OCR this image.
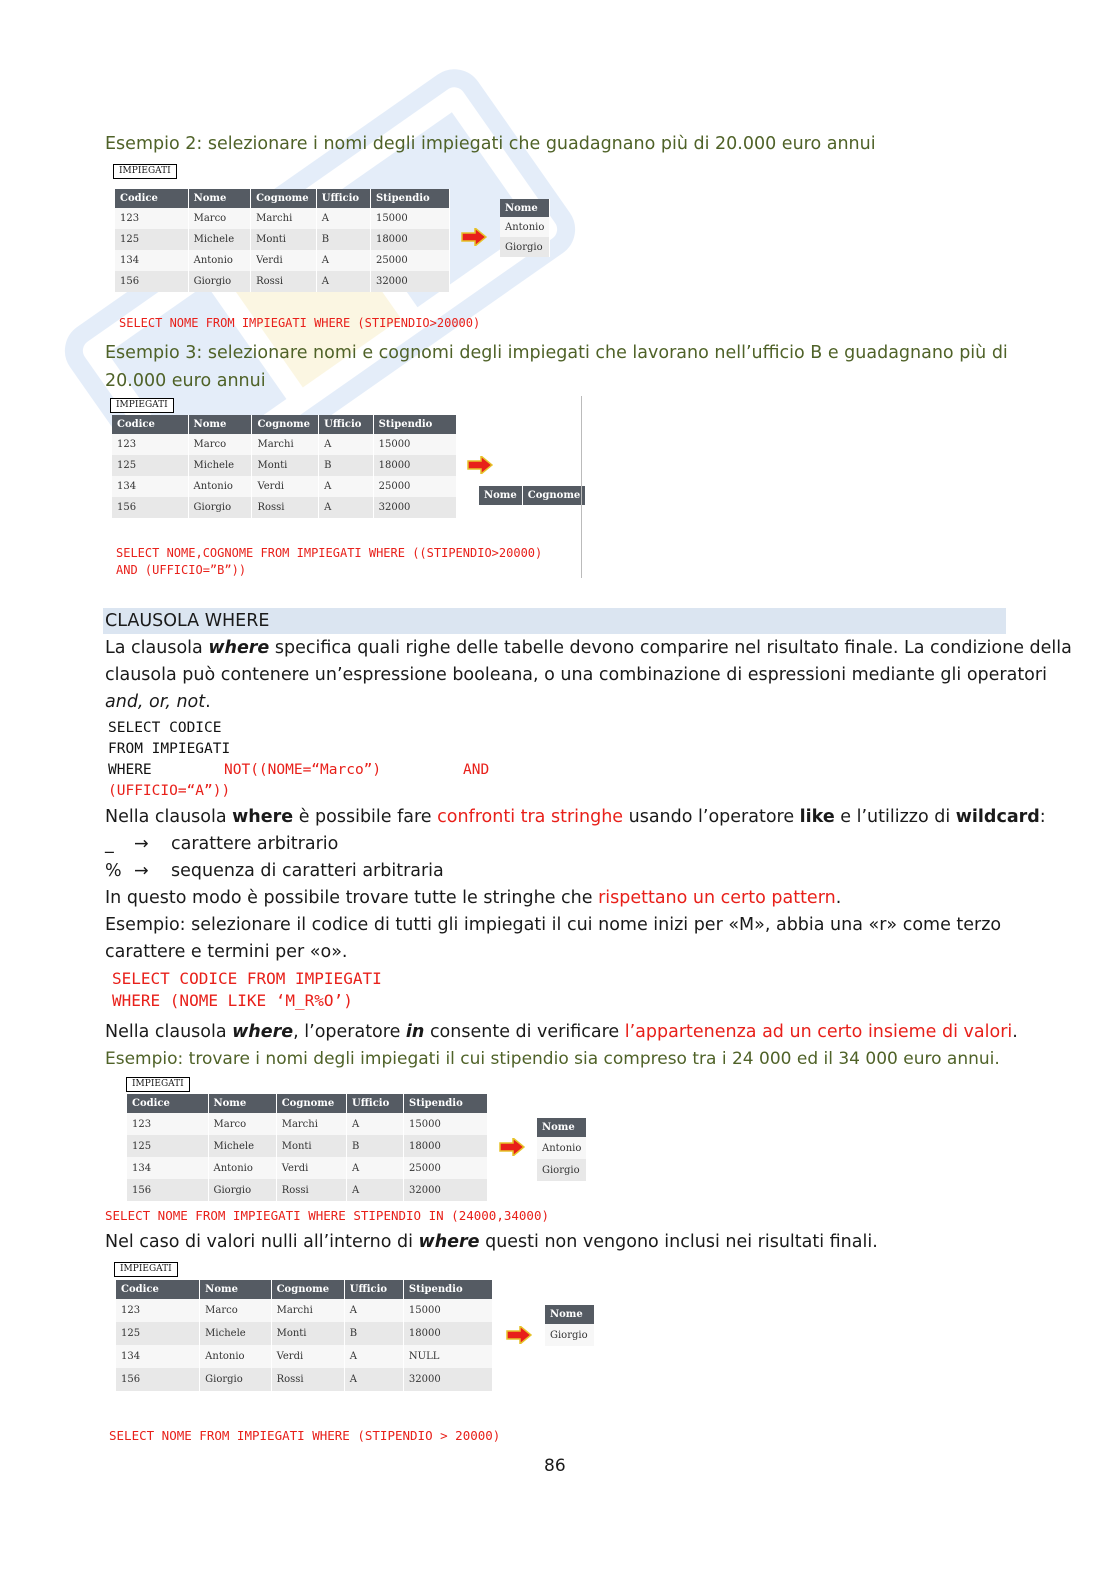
Esempio 2: selezionare i nomi degli impiegati che guadagnano più di 20.000 euro annui
IMPIEGATI
Codice	Nome	Cognome	Ufficio	Stipendio
123	Marco	Marchi	A	15000
125	Michele	Monti	B	18000
134	Antonio	Verdi	A	25000
156	Giorgio	Rossi	A	32000
Nome
Antonio
Giorgio
SELECT NOME FROM IMPIEGATI WHERE (STIPENDIO>20000)
Esempio 3: selezionare nomi e cognomi degli impiegati che lavorano nell’ufficio B e guadagnano più di
20.000 euro annui
IMPIEGATI
Codice	Nome	Cognome	Ufficio	Stipendio
123	Marco	Marchi	A	15000
125	Michele	Monti	B	18000
134	Antonio	Verdi	A	25000
156	Giorgio	Rossi	A	32000
Nome	Cognome
SELECT NOME,COGNOME FROM IMPIEGATI WHERE ((STIPENDIO>20000)
AND (UFFICIO=”B”))
CLAUSOLA WHERE
La clausola where specifica quali righe delle tabelle devono comparire nel risultato finale. La condizione della
clausola può contenere un’espressione booleana, o una combinazione di espressioni mediante gli operatori
and, or, not.
SELECT CODICE
FROM IMPIEGATI
WHERE	NOT((NOME=“Marco”)	AND
(UFFICIO=“A”))
Nella clausola where è possibile fare confronti tra stringhe usando l’operatore like e l’utilizzo di wildcard:
_ → carattere arbitrario
% → sequenza di caratteri arbitraria
In questo modo è possibile trovare tutte le stringhe che rispettano un certo pattern.
Esempio: selezionare il codice di tutti gli impiegati il cui nome inizi per «M», abbia una «r» come terzo
carattere e termini per «o».
SELECT CODICE FROM IMPIEGATI
WHERE (NOME LIKE ‘M_R%O’)
Nella clausola where, l’operatore in consente di verificare l’appartenenza ad un certo insieme di valori.
Esempio: trovare i nomi degli impiegati il cui stipendio sia compreso tra i 24 000 ed il 34 000 euro annui.
IMPIEGATI
Codice	Nome	Cognome	Ufficio	Stipendio
123	Marco	Marchi	A	15000
125	Michele	Monti	B	18000
134	Antonio	Verdi	A	25000
156	Giorgio	Rossi	A	32000
Nome
Antonio
Giorgio
SELECT NOME FROM IMPIEGATI WHERE STIPENDIO IN (24000,34000)
Nel caso di valori nulli all’interno di where questi non vengono inclusi nei risultati finali.
IMPIEGATI
Codice	Nome	Cognome	Ufficio	Stipendio
123	Marco	Marchi	A	15000
125	Michele	Monti	B	18000
134	Antonio	Verdi	A	NULL
156	Giorgio	Rossi	A	32000
Nome
Giorgio
SELECT NOME FROM IMPIEGATI WHERE (STIPENDIO > 20000)
86
